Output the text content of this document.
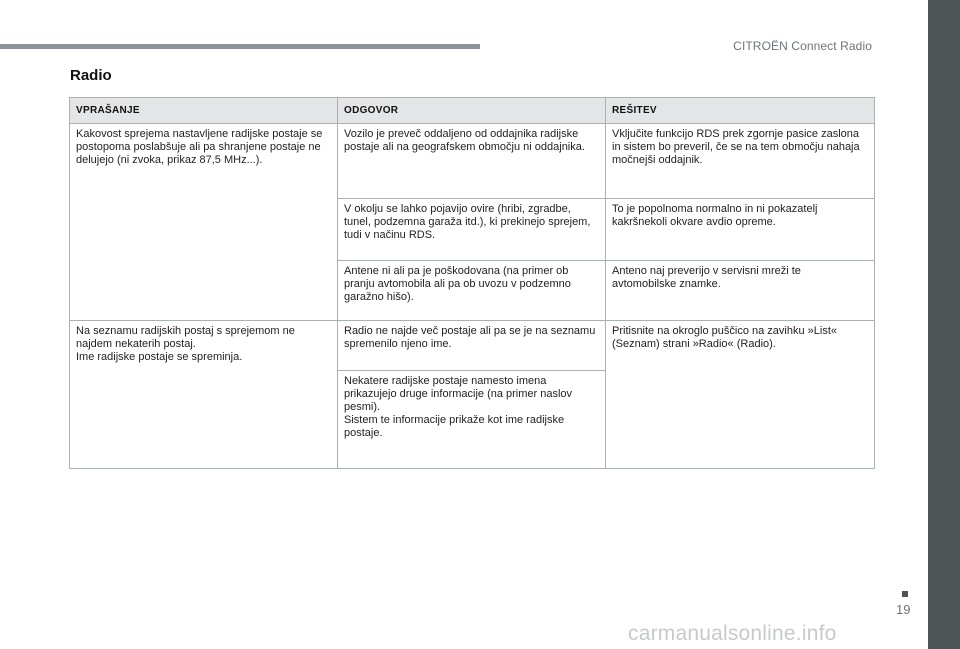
CITROËN Connect Radio
Radio
VPRAŠANJE	ODGOVOR	REŠITEV
Kakovost sprejema nastavljene radijske postaje se postopoma poslabšuje ali pa shranjene postaje ne delujejo (ni zvoka, prikaz 87,5 MHz...).	Vozilo je preveč oddaljeno od oddajnika radijske postaje ali na geografskem območju ni oddajnika.	Vključite funkcijo RDS prek zgornje pasice zaslona in sistem bo preveril, če se na tem območju nahaja močnejši oddajnik.
	V okolju se lahko pojavijo ovire (hribi, zgradbe, tunel, podzemna garaža itd.), ki prekinejo sprejem, tudi v načinu RDS.	To je popolnoma normalno in ni pokazatelj kakršnekoli okvare avdio opreme.
	Antene ni ali pa je poškodovana (na primer ob pranju avtomobila ali pa ob uvozu v podzemno garažno hišo).	Anteno naj preverijo v servisni mreži te avtomobilske znamke.

Na seznamu radijskih postaj s sprejemom ne najdem nekaterih postaj.
Ime radijske postaje se spreminja.	Radio ne najde več postaje ali pa se je na seznamu spremenilo njeno ime.	Pritisnite na okroglo puščico na zavihku »List« (Seznam) strani »Radio« (Radio).

	Nekatere radijske postaje namesto imena prikazujejo druge informacije (na primer naslov pesmi).
Sistem te informacije prikaže kot ime radijske postaje.	
19
carmanualsonline.info
